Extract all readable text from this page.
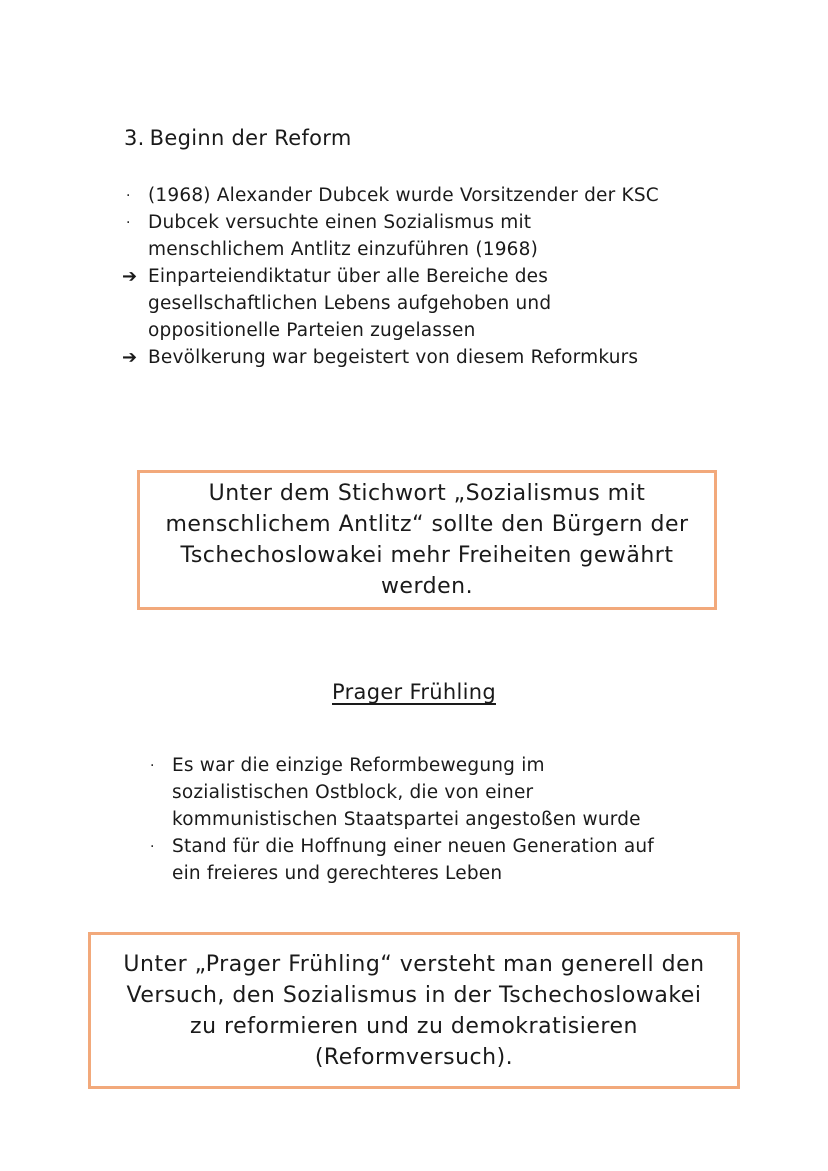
3. Beginn der Reform
· (1968) Alexander Dubcek wurde Vorsitzender der KSC
· Dubcek versuchte einen Sozialismus mit
menschlichem Antlitz einzuführen (1968)
➔ Einparteiendiktatur über alle Bereiche des
gesellschaftlichen Lebens aufgehoben und
oppositionelle Parteien zugelassen
➔ Bevölkerung war begeistert von diesem Reformkurs
Unter dem Stichwort „Sozialismus mit
menschlichem Antlitz“ sollte den Bürgern der
Tschechoslowakei mehr Freiheiten gewährt
werden.
Prager Frühling
· Es war die einzige Reformbewegung im
sozialistischen Ostblock, die von einer
kommunistischen Staatspartei angestoßen wurde
· Stand für die Hoffnung einer neuen Generation auf
ein freieres und gerechteres Leben
Unter „Prager Frühling“ versteht man generell den
Versuch, den Sozialismus in der Tschechoslowakei
zu reformieren und zu demokratisieren
(Reformversuch).
